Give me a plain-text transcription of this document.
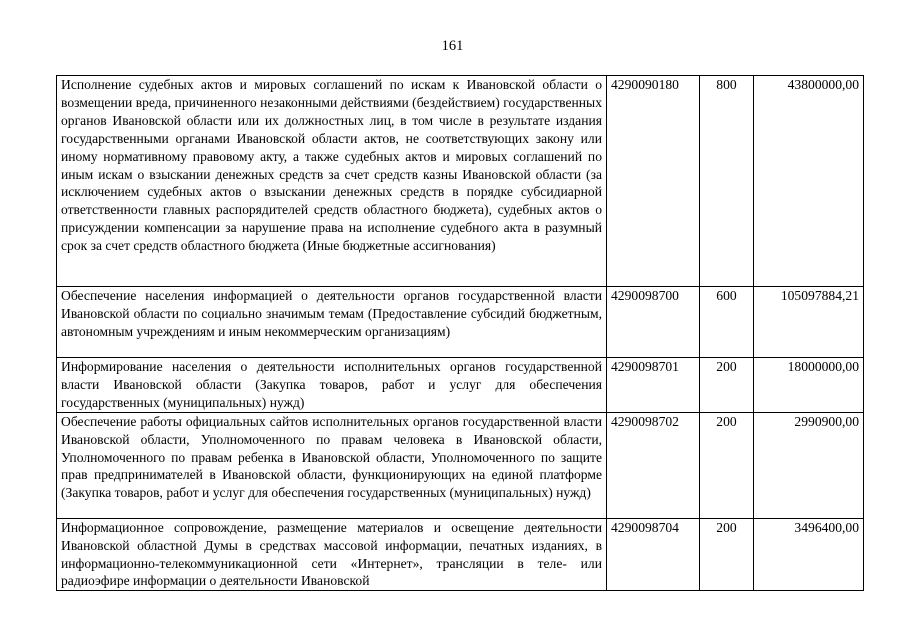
161
Исполнение судебных актов и мировых соглашений по искам к Ивановской области о возмещении вреда, причиненного незаконными действиями (бездействием) государственных органов Ивановской области или их должностных лиц, в том числе в результате издания государственными органами Ивановской области актов, не соответствующих закону или иному нормативному правовому акту, а также судебных актов и мировых соглашений по иным искам о взыскании денежных средств за счет средств казны Ивановской области (за исключением судебных актов о взыскании денежных средств в порядке субсидиарной ответственности главных распорядителей средств областного бюджета), судебных актов о присуждении компенсации за нарушение права на исполнение судебного акта в разумный срок за счет средств областного бюджета (Иные бюджетные ассигнования)	4290090180	800	43800000,00
Обеспечение населения информацией о деятельности органов государственной власти Ивановской области по социально значимым темам (Предоставление субсидий бюджетным, автономным учреждениям и иным некоммерческим организациям)	4290098700	600	105097884,21
Информирование населения о деятельности исполнительных органов государственной власти Ивановской области (Закупка товаров, работ и услуг для обеспечения государственных (муниципальных) нужд)	4290098701	200	18000000,00
Обеспечение работы официальных сайтов исполнительных органов государственной власти Ивановской области, Уполномоченного по правам человека в Ивановской области, Уполномоченного по правам ребенка в Ивановской области, Уполномоченного по защите прав предпринимателей в Ивановской области, функционирующих на единой платформе (Закупка товаров, работ и услуг для обеспечения государственных (муниципальных) нужд)	4290098702	200	2990900,00
Информационное сопровождение, размещение материалов и освещение деятельности Ивановской областной Думы в средствах массовой информации, печатных изданиях, в информационно-телекоммуникационной сети «Интернет», трансляции в теле- или радиоэфире информации о деятельности Ивановской	4290098704	200	3496400,00
